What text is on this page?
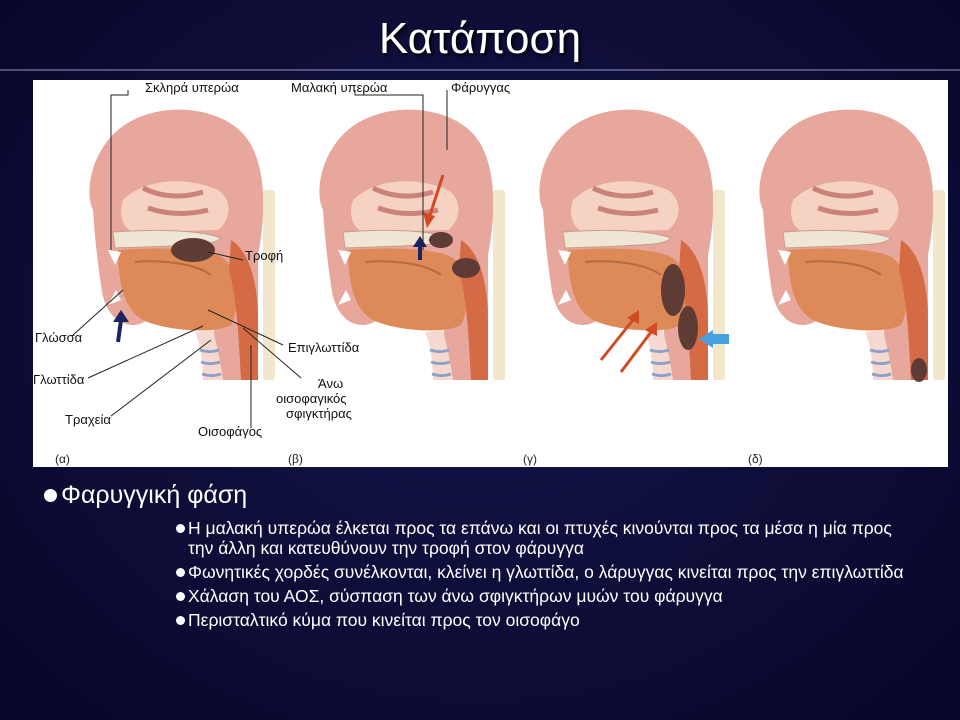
Κατάποση
Σκληρά υπερώα	Μαλακή υπερώα	Φάρυγγας
Τροφή
Γλώσσα
Επιγλωττίδα
Γλωττίδα	Άνω οισοφαγικός σφιγκτήρας
Τραχεία
Οισοφάγος
(α)	(β)	(γ)	(δ)
Φαρυγγική φάση
Η μαλακή υπερώα έλκεται προς τα επάνω και οι πτυχές κινούνται προς τα μέσα η μία προς την άλλη και κατευθύνουν την τροφή στον φάρυγγα
Φωνητικές χορδές συνέλκονται, κλείνει η γλωττίδα, ο λάρυγγας κινείται προς την επιγλωττίδα
Χάλαση του ΑΟΣ, σύσπαση των άνω σφιγκτήρων μυών του φάρυγγα
Περισταλτικό κύμα που κινείται προς τον οισοφάγο
